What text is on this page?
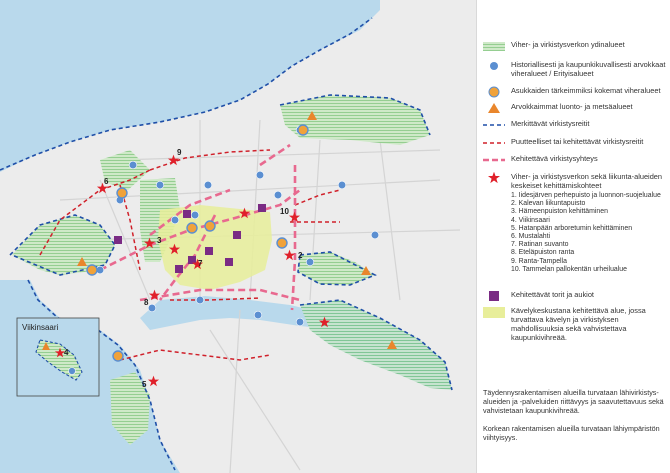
2
3
5
6
7
8
9
10
Viikinsaari
4
Viher- ja virkistysverkon ydinalueet
Historiallisesti ja kaupunkikuvallisesti arvokkaat viheralueet / Erityisalueet
Asukkaiden tärkeimmiksi kokemat viheralueet
Arvokkaimmat luonto- ja metsäalueet
Merkittävät virkistysreitit
Puutteelliset tai kehitettävät virkistysreitit
Kehitettävä virkistysyhteys
Viher- ja virkistysverkon sekä liikunta-alueiden keskeiset kehittämiskohteet
1. Iidesjärven perhepuisto ja luonnon-suojelualue
2. Kalevan liikuntapuisto
3. Hämeenpuiston kehittäminen
4. Viikinsaari
5. Hatanpään arboretumin kehittäminen
6. Mustalahti
7. Ratinan suvanto
8. Eteläpuiston ranta
9. Ranta-Tampella
10. Tammelan pallokentän urheilualue
Kehitettävät torit ja aukiot
Kävelykeskustana kehitettävä alue, jossa turvattava kävelyn ja virkistyksen mahdollisuuksia sekä vahvistettava kaupunkivihreää.
Täydennysrakentamisen alueilla turvataan lähivirkistys-alueiden ja -palveluiden riittävyys ja saavutettavuus sekä vahvistetaan kaupunkivihreää.
Korkean rakentamisen alueilla turvataan lähiympäristön viihtyisyys.
